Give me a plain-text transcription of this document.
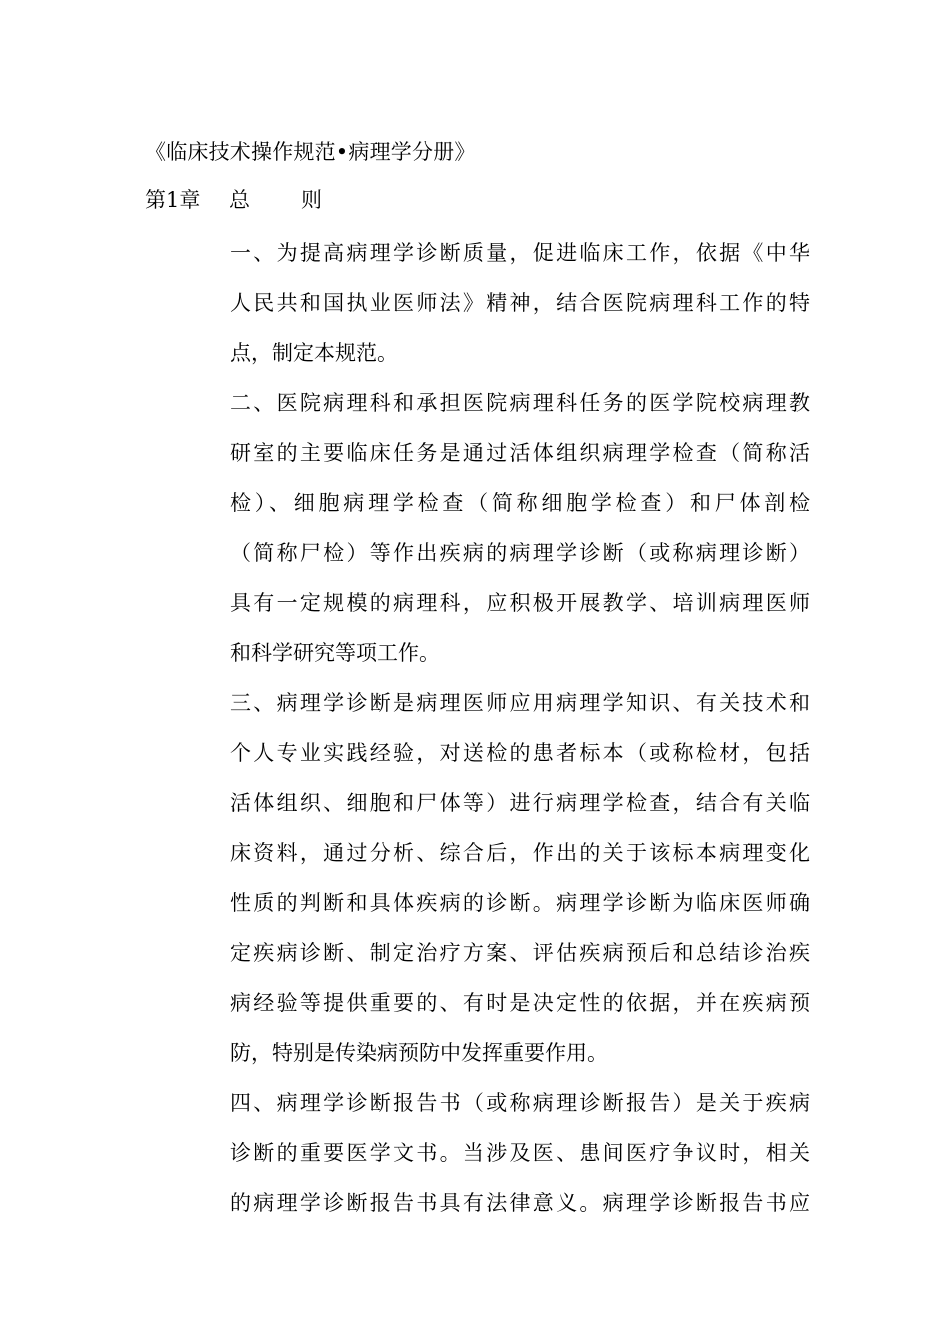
《临床技术操作规范•病理学分册》
第1章 总 则
一、为提高病理学诊断质量，促进临床工作，依据《中华
人民共和国执业医师法》精神，结合医院病理科工作的特
点，制定本规范。
二、医院病理科和承担医院病理科任务的医学院校病理教
研室的主要临床任务是通过活体组织病理学检查（简称活
检）、细胞病理学检查（简称细胞学检查）和尸体剖检
（简称尸检）等作出疾病的病理学诊断（或称病理诊断）
具有一定规模的病理科，应积极开展教学、培训病理医师
和科学研究等项工作。
三、病理学诊断是病理医师应用病理学知识、有关技术和
个人专业实践经验，对送检的患者标本（或称检材，包括
活体组织、细胞和尸体等）进行病理学检查，结合有关临
床资料，通过分析、综合后，作出的关于该标本病理变化
性质的判断和具体疾病的诊断。病理学诊断为临床医师确
定疾病诊断、制定治疗方案、评估疾病预后和总结诊治疾
病经验等提供重要的、有时是决定性的依据，并在疾病预
防，特别是传染病预防中发挥重要作用。
四、病理学诊断报告书（或称病理诊断报告）是关于疾病
诊断的重要医学文书。当涉及医、患间医疗争议时，相关
的病理学诊断报告书具有法律意义。病理学诊断报告书应
